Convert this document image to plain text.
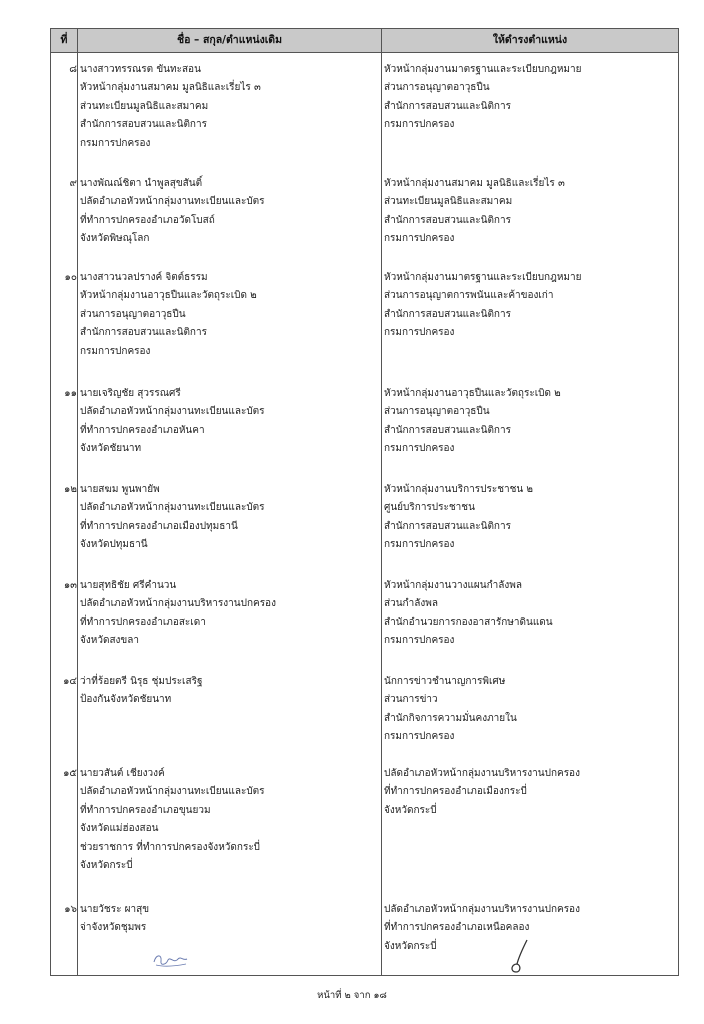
ที่	ชื่อ – สกุล/ตำแหน่งเดิม	ให้ดำรงตำแหน่ง
๘ นางสาวทรรณรต ขันทะสอน
หัวหน้ากลุ่มงานสมาคม มูลนิธิและเรี่ยไร ๓
ส่วนทะเบียนมูลนิธิและสมาคม
สำนักการสอบสวนและนิติการ
กรมการปกครอง
หัวหน้ากลุ่มงานมาตรฐานและระเบียบกฎหมาย
ส่วนการอนุญาตอาวุธปืน
สำนักการสอบสวนและนิติการ
กรมการปกครอง
๙ นางพัณณ์ชิตา นำพูลสุขสันติ์
ปลัดอำเภอหัวหน้ากลุ่มงานทะเบียนและบัตร
ที่ทำการปกครองอำเภอวัดโบสถ์
จังหวัดพิษณุโลก
หัวหน้ากลุ่มงานสมาคม มูลนิธิและเรี่ยไร ๓
ส่วนทะเบียนมูลนิธิและสมาคม
สำนักการสอบสวนและนิติการ
กรมการปกครอง
๑๐ นางสาวนวลปรางค์ จิตต์ธรรม
หัวหน้ากลุ่มงานอาวุธปืนและวัตถุระเบิด ๒
ส่วนการอนุญาตอาวุธปืน
สำนักการสอบสวนและนิติการ
กรมการปกครอง
หัวหน้ากลุ่มงานมาตรฐานและระเบียบกฎหมาย
ส่วนการอนุญาตการพนันและค้าของเก่า
สำนักการสอบสวนและนิติการ
กรมการปกครอง
๑๑ นายเจริญชัย สุวรรณศรี
ปลัดอำเภอหัวหน้ากลุ่มงานทะเบียนและบัตร
ที่ทำการปกครองอำเภอหันคา
จังหวัดชัยนาท
หัวหน้ากลุ่มงานอาวุธปืนและวัตถุระเบิด ๒
ส่วนการอนุญาตอาวุธปืน
สำนักการสอบสวนและนิติการ
กรมการปกครอง
๑๒ นายสฆม พูนพายัพ
ปลัดอำเภอหัวหน้ากลุ่มงานทะเบียนและบัตร
ที่ทำการปกครองอำเภอเมืองปทุมธานี
จังหวัดปทุมธานี
หัวหน้ากลุ่มงานบริการประชาชน ๒
ศูนย์บริการประชาชน
สำนักการสอบสวนและนิติการ
กรมการปกครอง
๑๓ นายสุทธิชัย ศรีคำนวน
ปลัดอำเภอหัวหน้ากลุ่มงานบริหารงานปกครอง
ที่ทำการปกครองอำเภอสะเดา
จังหวัดสงขลา
หัวหน้ากลุ่มงานวางแผนกำลังพล
ส่วนกำลังพล
สำนักอำนวยการกองอาสารักษาดินแดน
กรมการปกครอง
๑๔ ว่าที่ร้อยตรี นิรุธ ชุ่มประเสริฐ
ป้องกันจังหวัดชัยนาท
นักการข่าวชำนาญการพิเศษ
ส่วนการข่าว
สำนักกิจการความมั่นคงภายใน
กรมการปกครอง
๑๕ นายวสันต์ เชียงวงค์
ปลัดอำเภอหัวหน้ากลุ่มงานทะเบียนและบัตร
ที่ทำการปกครองอำเภอขุนยวม
จังหวัดแม่ฮ่องสอน
ช่วยราชการ ที่ทำการปกครองจังหวัดกระบี่
จังหวัดกระบี่
ปลัดอำเภอหัวหน้ากลุ่มงานบริหารงานปกครอง
ที่ทำการปกครองอำเภอเมืองกระบี่
จังหวัดกระบี่
๑๖ นายวัชระ ผาสุข
จ่าจังหวัดชุมพร
ปลัดอำเภอหัวหน้ากลุ่มงานบริหารงานปกครอง
ที่ทำการปกครองอำเภอเหนือคลอง
จังหวัดกระบี่
หน้าที่ ๒ จาก ๑๘
